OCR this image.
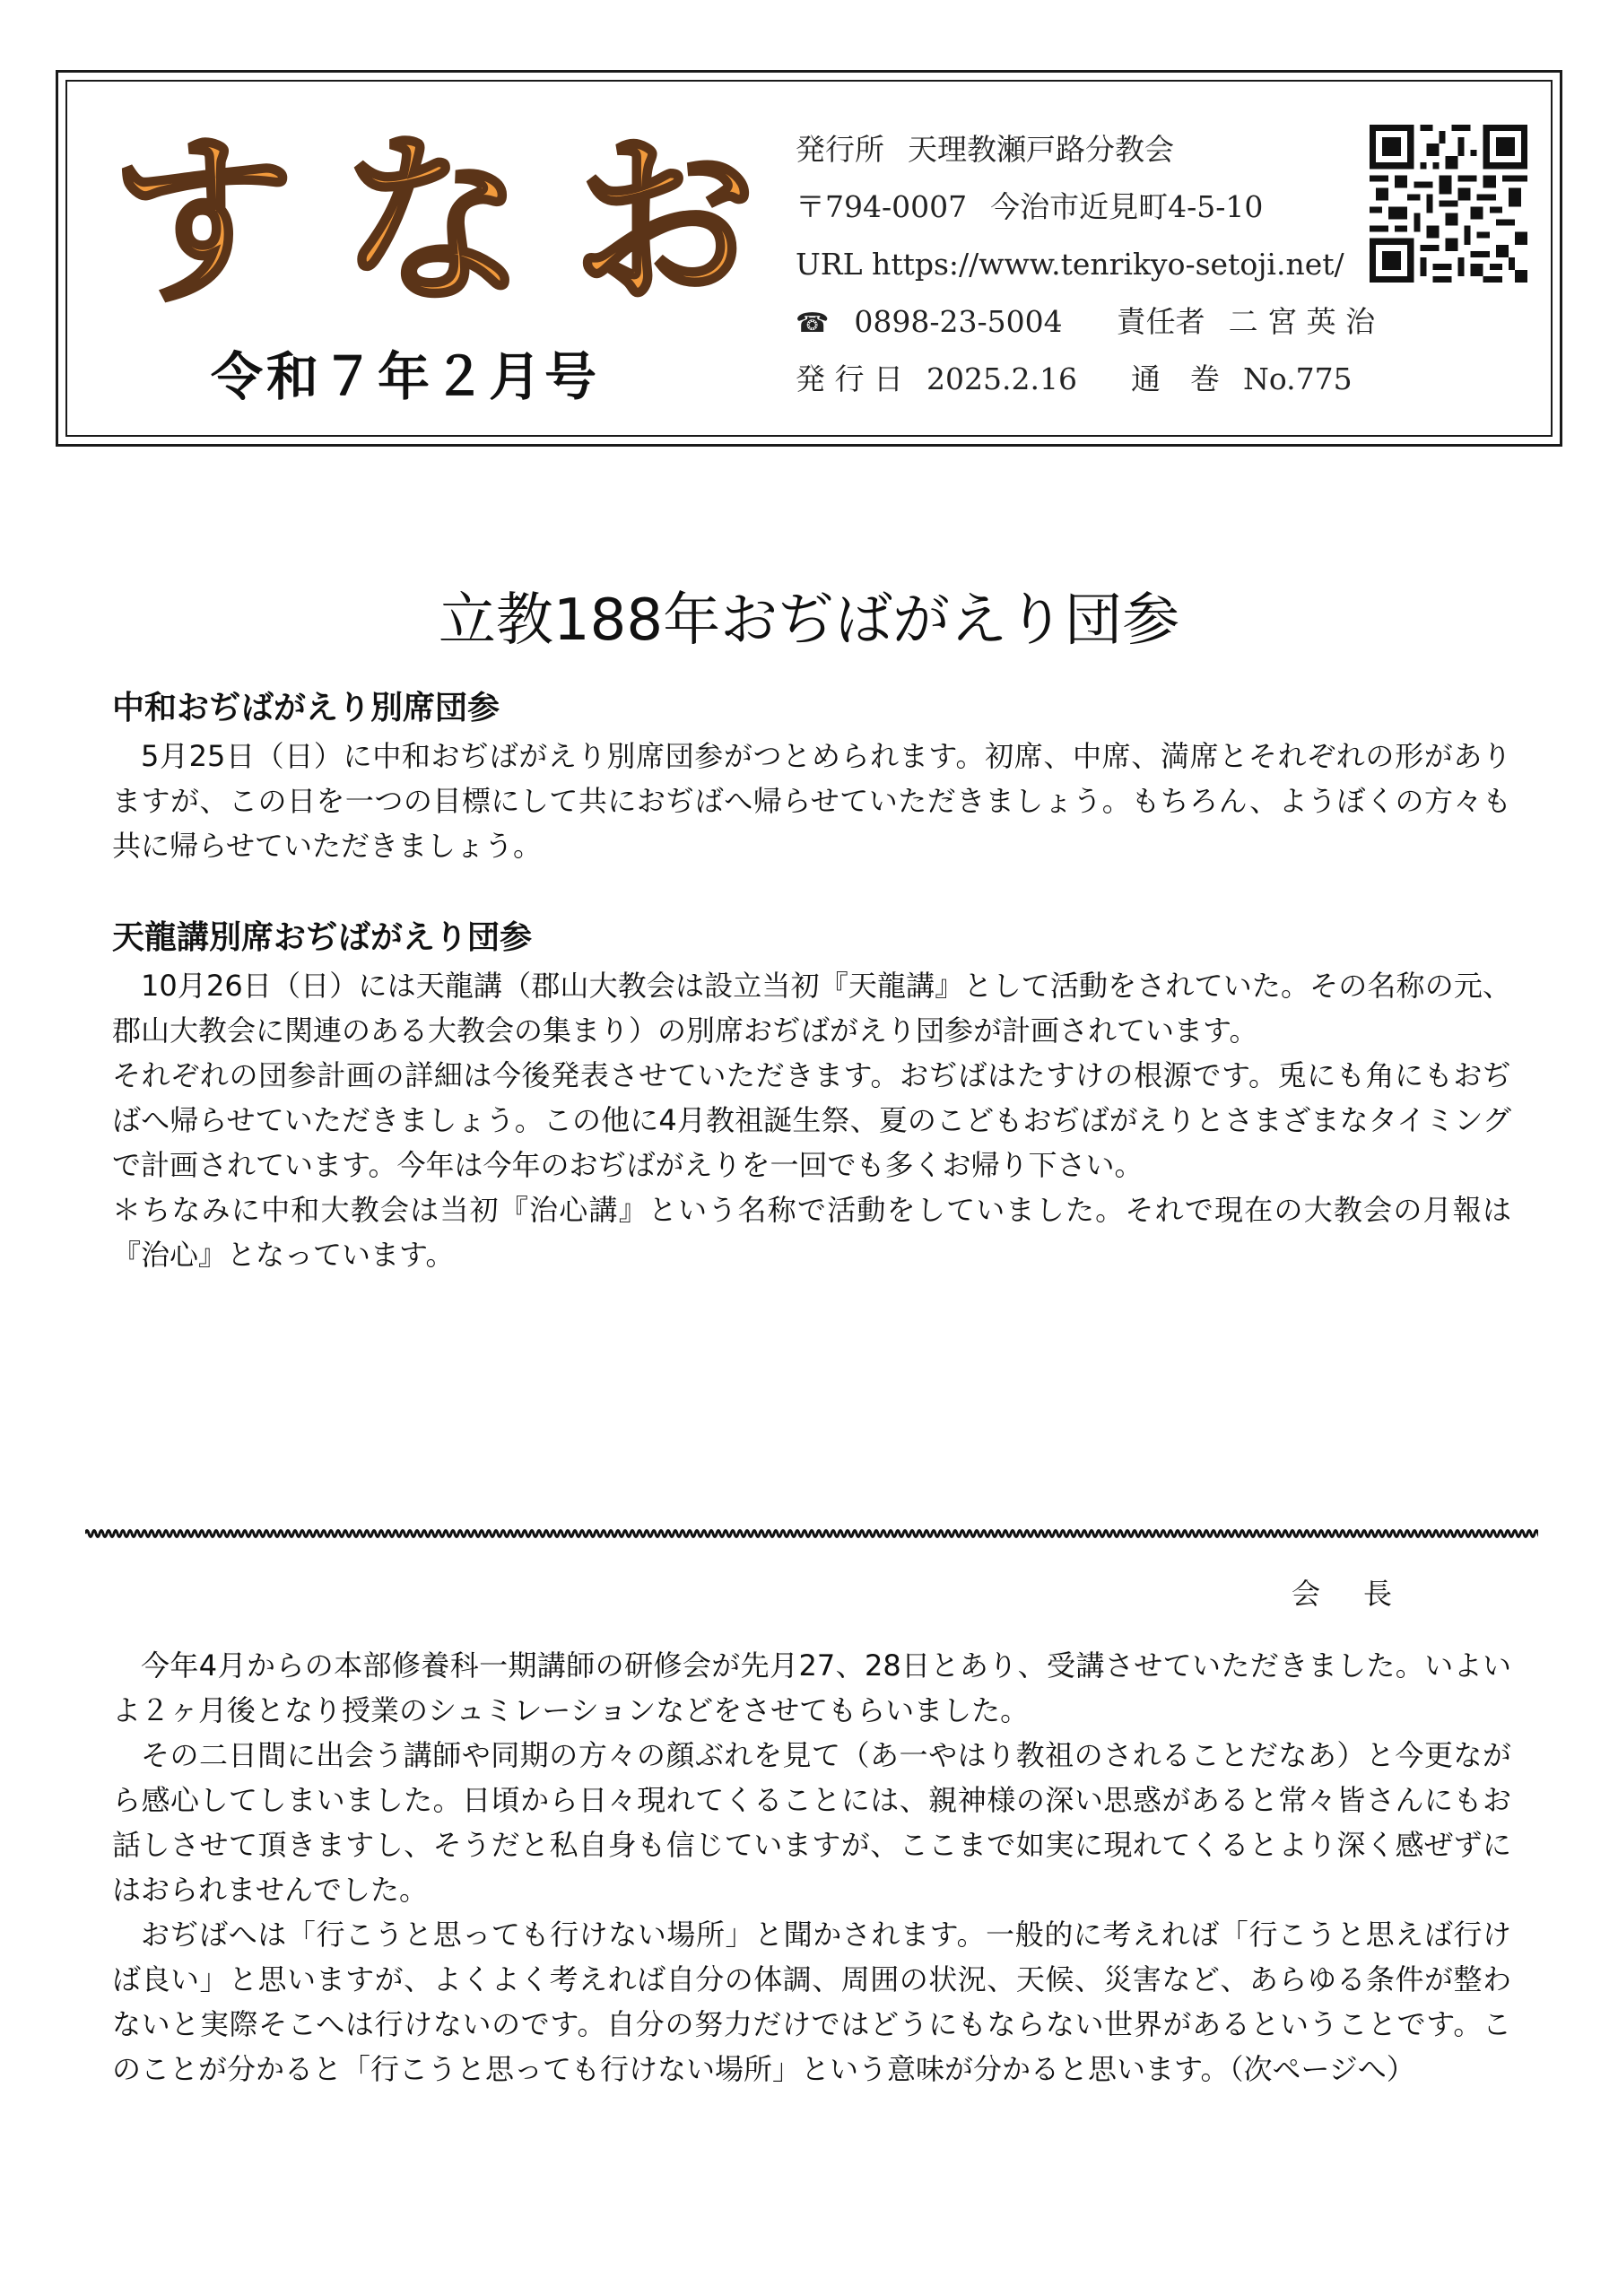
す な お
令和７年２月号
発行所 天理教瀬戸路分教会
〒794-0007 今治市近見町4-5-10
URL https://www.tenrikyo-setoji.net/
☎ 0898-23-5004 責任者 二 宮 英 治
発 行 日 2025.2.16 通　巻 No.775
立教188年おぢばがえり団参
中和おぢばがえり別席団参

5月25日（日）に中和おぢばがえり別席団参がつとめられます。初席、中席、満席とそれぞれの形がありますが、この日を一つの目標にして共におぢばへ帰らせていただきましょう。もちろん、ようぼくの方々も共に帰らせていただきましょう。

天龍講別席おぢばがえり団参

10月26日（日）には天龍講（郡山大教会は設立当初『天龍講』として活動をされていた。その名称の元、郡山大教会に関連のある大教会の集まり）の別席おぢばがえり団参が計画されています。

それぞれの団参計画の詳細は今後発表させていただきます。おぢばはたすけの根源です。兎にも角にもおぢばへ帰らせていただきましょう。この他に4月教祖誕生祭、夏のこどもおぢばがえりとさまざまなタイミングで計画されています。今年は今年のおぢばがえりを一回でも多くお帰り下さい。

＊ちなみに中和大教会は当初『治心講』という名称で活動をしていました。それで現在の大教会の月報は『治心』となっています。

会長

今年4月からの本部修養科一期講師の研修会が先月27、28日とあり、受講させていただきました。いよいよ２ヶ月後となり授業のシュミレーションなどをさせてもらいました。

その二日間に出会う講師や同期の方々の顔ぶれを見て（あ一やはり教祖のされることだなあ）と今更ながら感心してしまいました。日頃から日々現れてくることには、親神様の深い思惑があると常々皆さんにもお話しさせて頂きますし、そうだと私自身も信じていますが、ここまで如実に現れてくるとより深く感ぜずにはおられませんでした。

おぢばへは「行こうと思っても行けない場所」と聞かされます。一般的に考えれば「行こうと思えば行けば良い」と思いますが、よくよく考えれば自分の体調、周囲の状況、天候、災害など、あらゆる条件が整わないと実際そこへは行けないのです。自分の努力だけではどうにもならない世界があるということです。このことが分かると「行こうと思っても行けない場所」という意味が分かると思います。（次ページへ）
